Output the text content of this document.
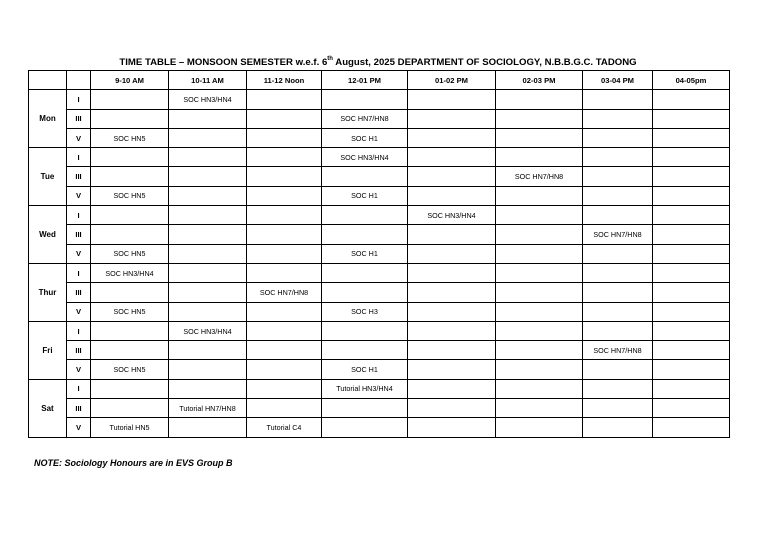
TIME TABLE – MONSOON SEMESTER w.e.f. 6th August, 2025 DEPARTMENT OF SOCIOLOGY, N.B.B.G.C. TADONG
		9-10 AM	10-11 AM	11-12 Noon	12-01 PM	01-02 PM	02-03 PM	03-04 PM	04-05pm
Mon	I		SOC HN3/HN4						
	III				SOC HN7/HN8				
	V	SOC HN5			SOC H1				
Tue	I				SOC HN3/HN4				
	III						SOC HN7/HN8		
	V	SOC HN5			SOC H1				
Wed	I					SOC HN3/HN4			
	III							SOC HN7/HN8	
	V	SOC HN5			SOC H1				
Thur	I	SOC HN3/HN4							
	III			SOC HN7/HN8					
	V	SOC HN5			SOC H3				
Fri	I		SOC HN3/HN4						
	III							SOC HN7/HN8	
	V	SOC HN5			SOC H1				
Sat	I				Tutorial HN3/HN4				
	III		Tutorial HN7/HN8						
	V	Tutorial HN5		Tutorial C4					
NOTE: Sociology Honours are in EVS Group B
